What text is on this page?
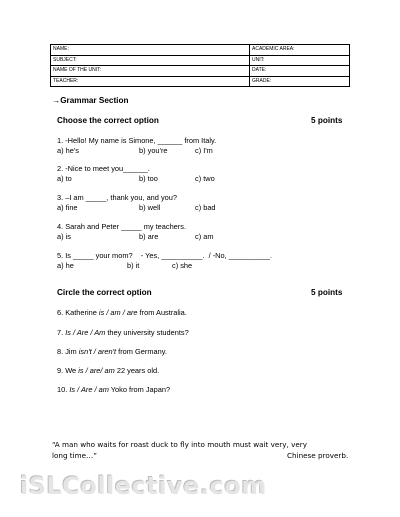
NAME:	ACADEMIC AREA:
SUBJECT:	UNIT:
NAME OF THE UNIT:	DATE:
TEACHER:	GRADE:
→Grammar Section
Choose the correct option	5 points
1. -Hello! My name is Simone, ______ from Italy.
a) he's	b) you're	c) I'm
2. -Nice to meet you______.
a) to	b) too	c) two
3. –I am _____, thank you, and you?
a) fine	b) well	c) bad
4. Sarah and Peter _____ my teachers.
a) is	b) are	c) am
5. Is _____ your mom?    - Yes, __________.  / -No, __________.
a) he	b) it	c) she
Circle the correct option	5 points
6. Katherine is / am / are from Australia.
7. Is / Are / Am they university students?
8. Jim isn't / aren't from Germany.
9. We is / are/ am 22 years old.
10. Is / Are / am Yoko from Japan?
“A man who waits for roast duck to fly into mouth must wait very, very
long time…”	Chinese proverb.
iSLCollective.com
